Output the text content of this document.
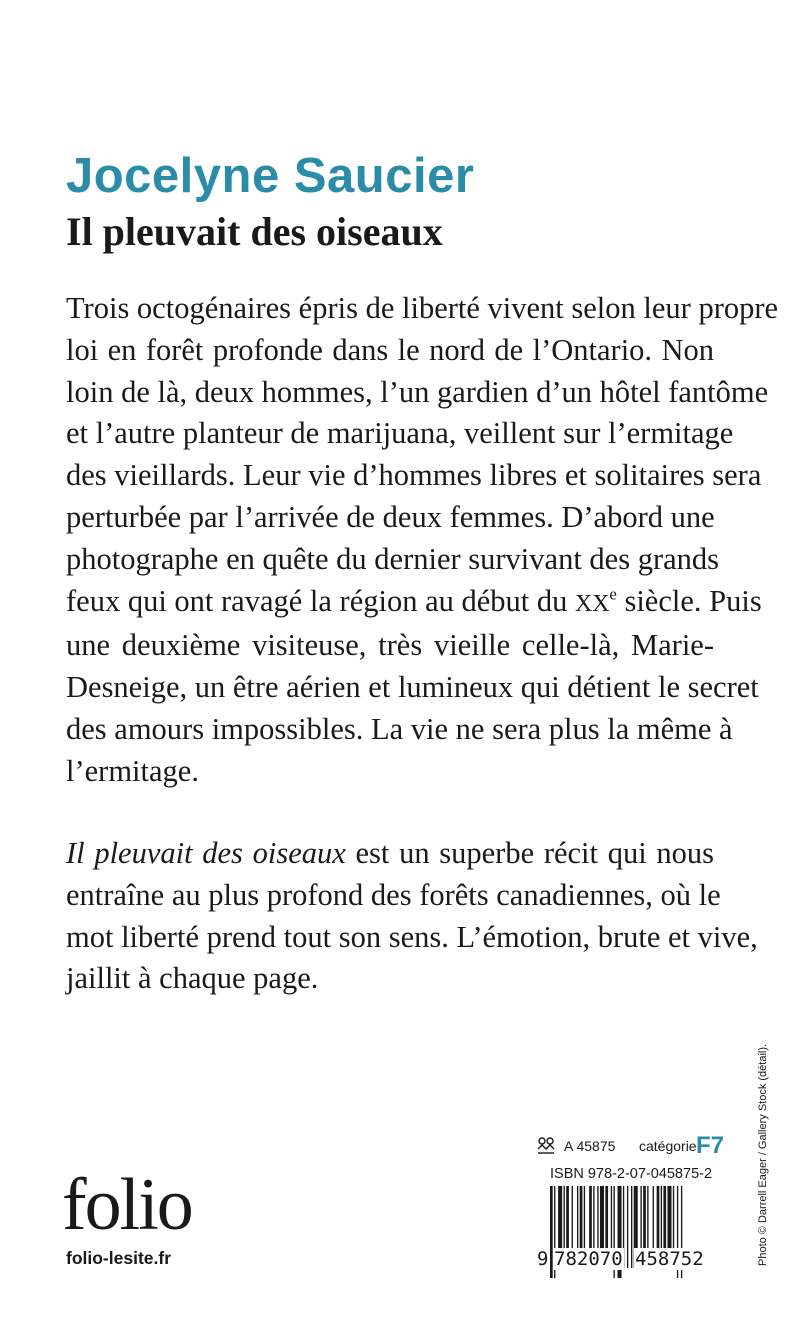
Jocelyne Saucier
Il pleuvait des oiseaux
Trois octogénaires épris de liberté vivent selon leur propre
loi en forêt profonde dans le nord de l’Ontario. Non
loin de là, deux hommes, l’un gardien d’un hôtel fantôme
et l’autre planteur de marijuana, veillent sur l’ermitage
des vieillards. Leur vie d’hommes libres et solitaires sera
perturbée par l’arrivée de deux femmes. D’abord une
photographe en quête du dernier survivant des grands
feux qui ont ravagé la région au début du XXe siècle. Puis
une deuxième visiteuse, très vieille celle-là, Marie-
Desneige, un être aérien et lumineux qui détient le secret
des amours impossibles. La vie ne sera plus la même à
l’ermitage.
Il pleuvait des oiseaux est un superbe récit qui nous
entraîne au plus profond des forêts canadiennes, où le
mot liberté prend tout son sens. L’émotion, brute et vive,
jaillit à chaque page.
Photo © Darrell Eager / Gallery Stock (détail).
A 45875 catégorie F7
ISBN 978-2-07-045875-2
9 782070 458752
folio
folio-lesite.fr
